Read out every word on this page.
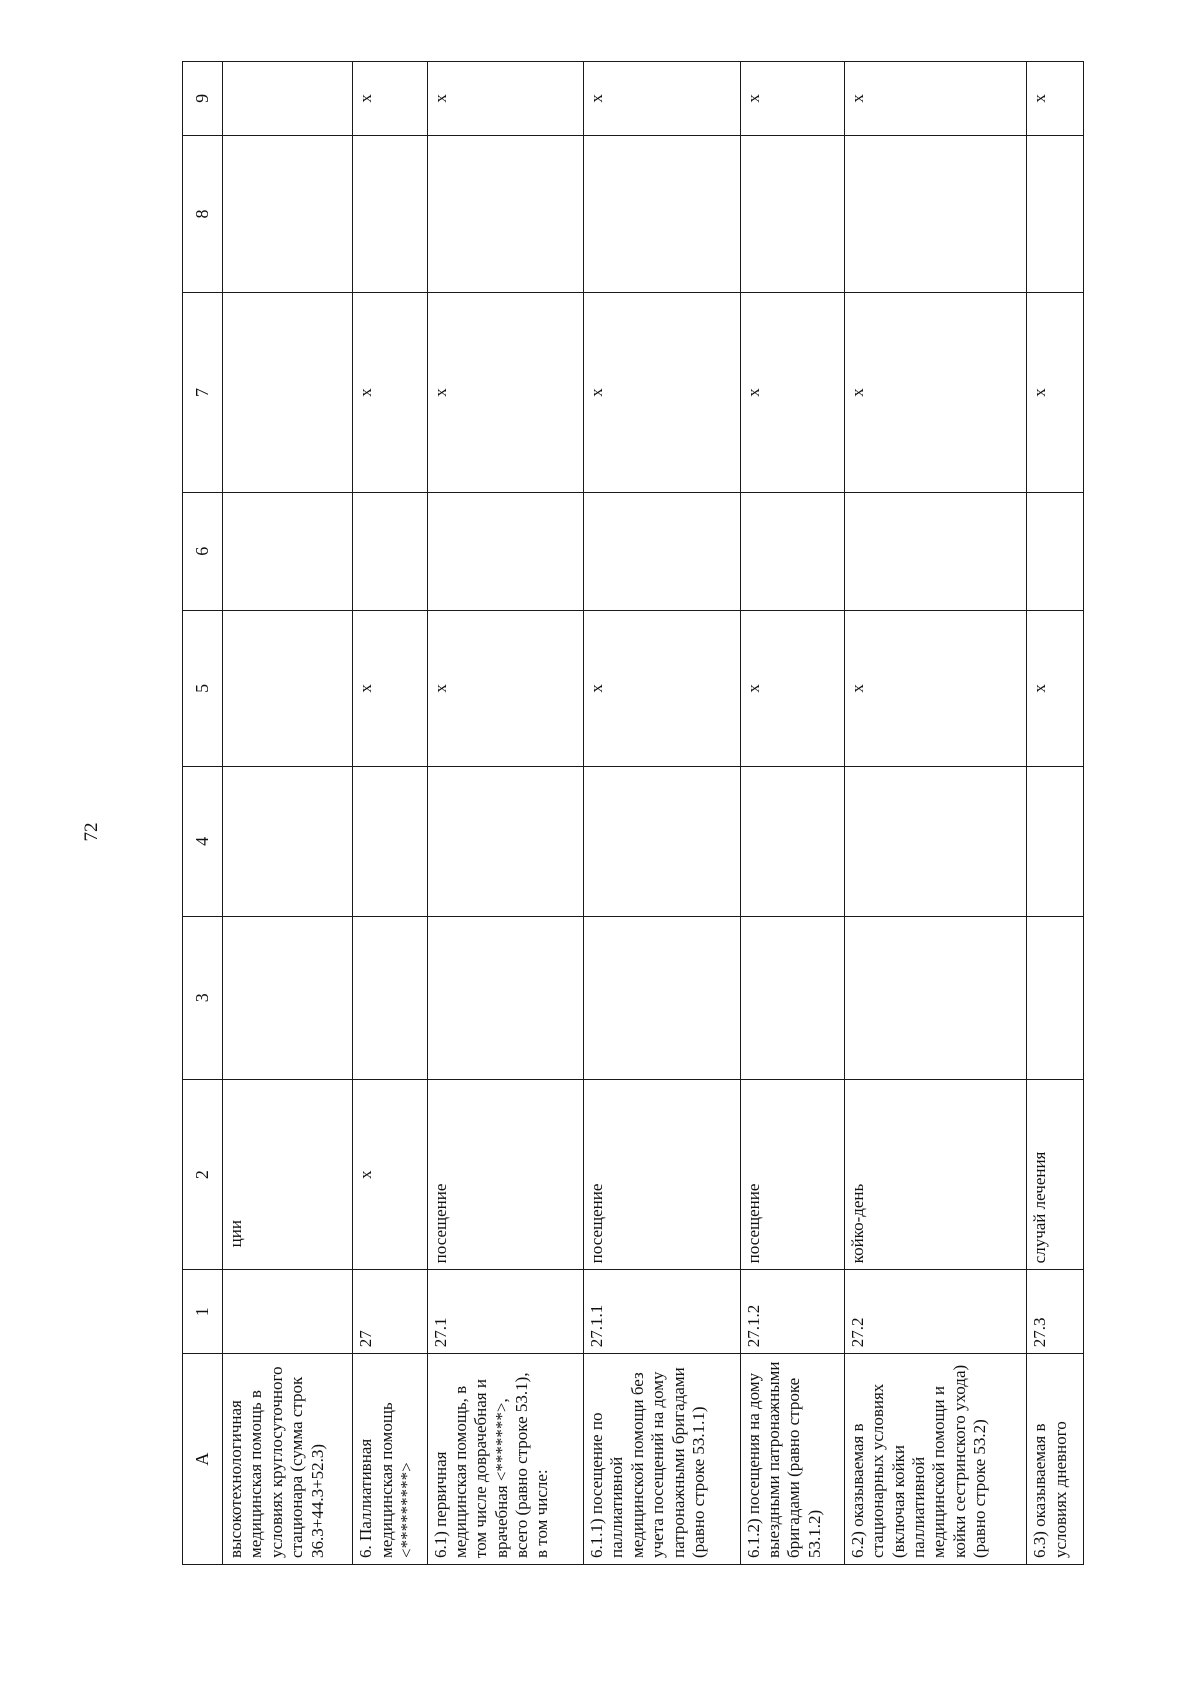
72
A	1	2	3	4	5	6	7	8	9
высокотехнологичная медицинская помощь в условиях круглосуточного стационара (сумма строк 36.3+44.3+52.3)		ции							
6. Паллиативная медицинская помощь <*********>	27	х			х		х		х
6.1) первичная медицинская помощь, в том числе доврачебная и врачебная <*******>, всего (равно строке 53.1), в том числе:	27.1	посещение			х		х		х
6.1.1) посещение по паллиативной медицинской помощи без учета посещений на дому патронажными бригадами (равно строке 53.1.1)	27.1.1	посещение			х		х		х
6.1.2) посещения на дому выездными патронажными бригадами (равно строке 53.1.2)	27.1.2	посещение			х		х		х
6.2) оказываемая в стационарных условиях (включая койки паллиативной медицинской помощи и койки сестринского ухода) (равно строке 53.2)	27.2	койко-день			х		х		х
6.3) оказываемая в условиях дневного	27.3	случай лечения			х		х		х
